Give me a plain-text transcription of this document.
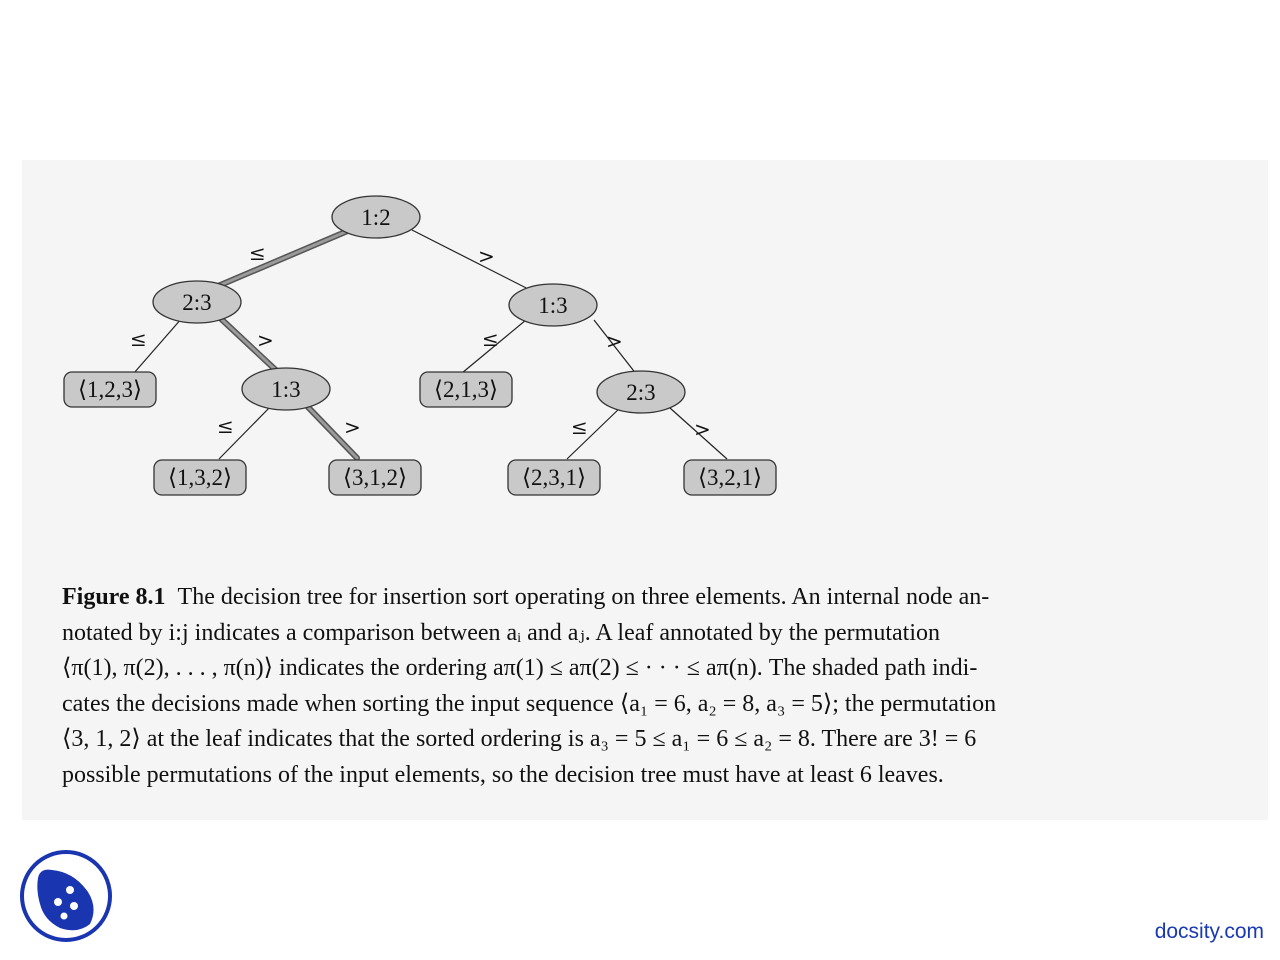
≤	>
≤	>	≤	>
≤	>	≤	>
1:2
2:3
1:3
1:3
2:3
⟨1,2,3⟩
⟨1,3,2⟩	⟨3,1,2⟩
⟨2,1,3⟩
⟨2,3,1⟩	⟨3,2,1⟩
Figure 8.1 The decision tree for insertion sort operating on three elements. An internal node an-
notated by i:j indicates a comparison between aᵢ and aⱼ. A leaf annotated by the permutation
⟨π(1), π(2), . . . , π(n)⟩ indicates the ordering aπ(1) ≤ aπ(2) ≤ · · · ≤ aπ(n). The shaded path indi-
cates the decisions made when sorting the input sequence ⟨a₁ = 6, a₂ = 8, a₃ = 5⟩; the permutation
⟨3, 1, 2⟩ at the leaf indicates that the sorted ordering is a₃ = 5 ≤ a₁ = 6 ≤ a₂ = 8. There are 3! = 6
possible permutations of the input elements, so the decision tree must have at least 6 leaves.
docsity.com
